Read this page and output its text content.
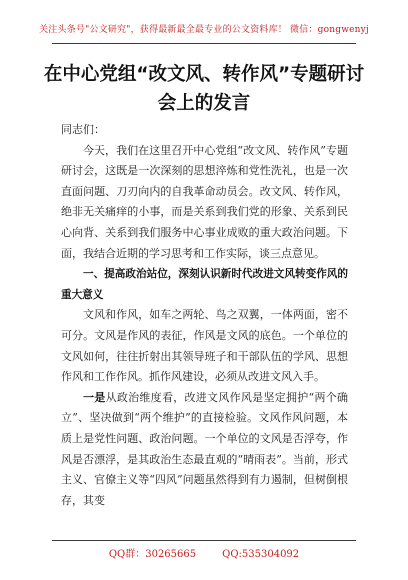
关注头条号"公文研究"，获得最新最全最专业的公文资料库！ 微信：gongwenyj
在中心党组“改文风、转作风”专题研讨
会上的发言

同志们：

今天，我们在这里召开中心党组“改文风、转作风”专题研讨会，这既是一次深刻的思想淬炼和党性洗礼，也是一次直面问题、刀刃向内的自我革命动员会。改文风、转作风，绝非无关痛痒的小事，而是关系到我们党的形象、关系到民心向背、关系到我们服务中心事业成败的重大政治问题。下面，我结合近期的学习思考和工作实际，谈三点意见。

一、提高政治站位，深刻认识新时代改进文风转变作风的重大意义

文风和作风，如车之两轮、鸟之双翼，一体两面，密不可分。文风是作风的表征，作风是文风的底色。一个单位的文风如何，往往折射出其领导班子和干部队伍的学风、思想作风和工作作风。抓作风建设，必须从改进文风入手。

一是从政治维度看，改进文风作风是坚定拥护“两个确立”、坚决做到“两个维护”的直接检验。文风作风问题，本质上是党性问题、政治问题。一个单位的文风是否浮夸，作风是否漂浮，是其政治生态最直观的“晴雨表”。当前，形式主义、官僚主义等“四风”问题虽然得到有力遏制，但树倒根存，其变

QQ群：30265665	QQ:535304092
